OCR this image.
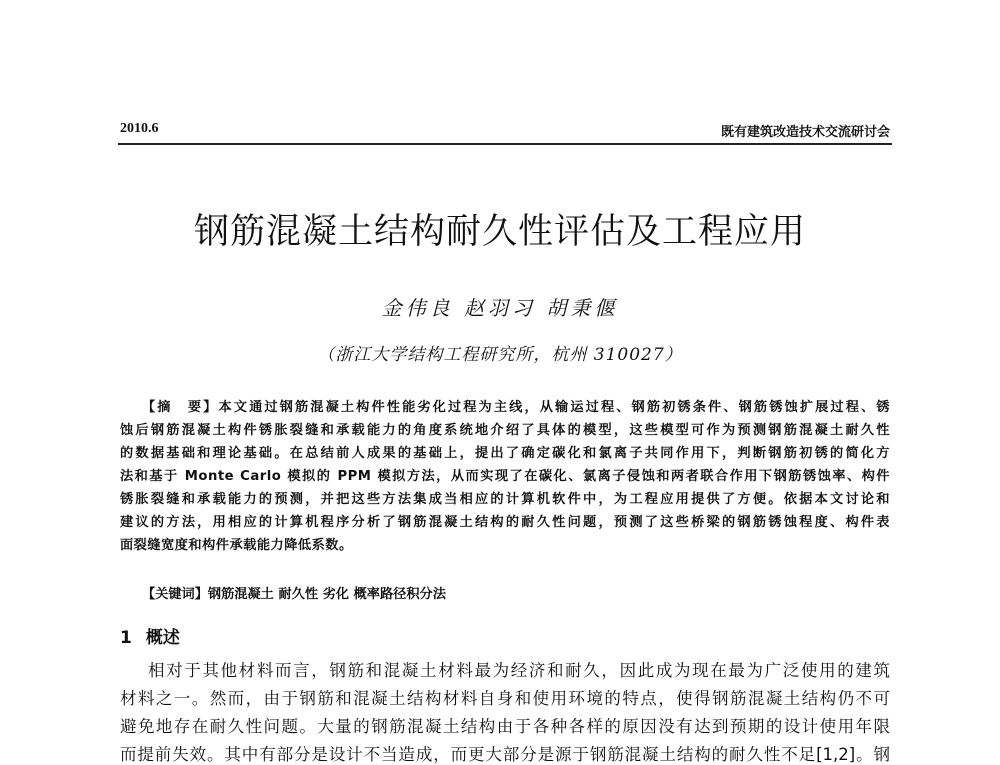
2010.6	既有建筑改造技术交流研讨会
钢筋混凝土结构耐久性评估及工程应用
金伟良 赵羽习 胡秉偃
（浙江大学结构工程研究所，杭州 310027）
【摘　要】本文通过钢筋混凝土构件性能劣化过程为主线，从输运过程、钢筋初锈条件、钢筋锈蚀扩展过程、锈
蚀后钢筋混凝土构件锈胀裂缝和承载能力的角度系统地介绍了具体的模型，这些模型可作为预测钢筋混凝土耐久性
的数据基础和理论基础。在总结前人成果的基础上，提出了确定碳化和氯离子共同作用下，判断钢筋初锈的简化方
法和基于 Monte Carlo 模拟的 PPM 模拟方法，从而实现了在碳化、氯离子侵蚀和两者联合作用下钢筋锈蚀率、构件
锈胀裂缝和承载能力的预测，并把这些方法集成当相应的计算机软件中，为工程应用提供了方便。依据本文讨论和
建议的方法，用相应的计算机程序分析了钢筋混凝土结构的耐久性问题，预测了这些桥梁的钢筋锈蚀程度、构件表
面裂缝宽度和构件承载能力降低系数。
【关键词】钢筋混凝土 耐久性 劣化 概率路径积分法
1 概述
相对于其他材料而言，钢筋和混凝土材料最为经济和耐久，因此成为现在最为广泛使用的建筑
材料之一。然而，由于钢筋和混凝土结构材料自身和使用环境的特点，使得钢筋混凝土结构仍不可
避免地存在耐久性问题。大量的钢筋混凝土结构由于各种各样的原因没有达到预期的设计使用年限
而提前失效。其中有部分是设计不当造成，而更大部分是源于钢筋混凝土结构的耐久性不足[1,2]。钢
